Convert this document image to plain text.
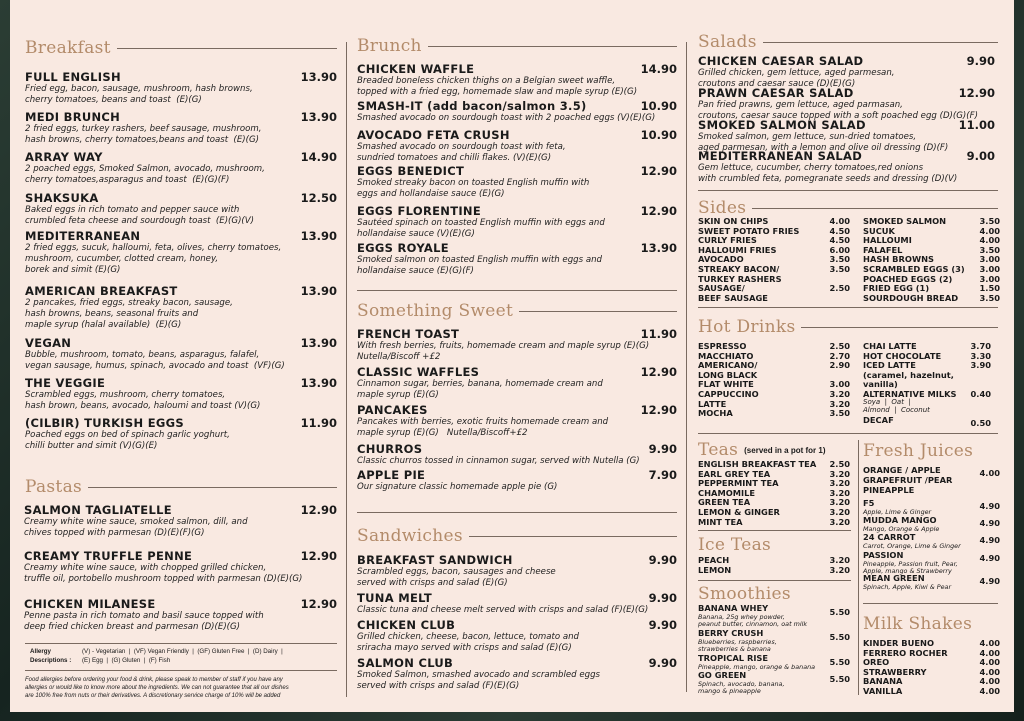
Breakfast
FULL ENGLISH	13.90
Fried egg, bacon, sausage, mushroom, hash browns,
cherry tomatoes, beans and toast  (E)(G)
MEDI BRUNCH	13.90
2 fried eggs, turkey rashers, beef sausage, mushroom,
hash browns, cherry tomatoes,beans and toast  (E)(G)
ARRAY WAY	14.90
2 poached eggs, Smoked Salmon, avocado, mushroom,
cherry tomatoes,asparagus and toast  (E)(G)(F)
SHAKSUKA	12.50
Baked eggs in rich tomato and pepper sauce with
crumbled feta cheese and sourdough toast  (E)(G)(V)
MEDITERRANEAN	13.90
2 fried eggs, sucuk, halloumi, feta, olives, cherry tomatoes,
mushroom, cucumber, clotted cream, honey,
borek and simit (E)(G)
AMERICAN BREAKFAST	13.90
2 pancakes, fried eggs, streaky bacon, sausage,
hash browns, beans, seasonal fruits and
maple syrup (halal available)  (E)(G)
VEGAN	13.90
Bubble, mushroom, tomato, beans, asparagus, falafel,
vegan sausage, humus, spinach, avocado and toast  (VF)(G)
THE VEGGIE	13.90
Scrambled eggs, mushroom, cherry tomatoes,
hash brown, beans, avocado, haloumi and toast (V)(G)
(CILBIR) TURKISH EGGS	11.90
Poached eggs on bed of spinach garlic yoghurt,
chilli butter and simit (V)(G)(E)
Pastas
SALMON TAGLIATELLE	12.90
Creamy white wine sauce, smoked salmon, dill, and
chives topped with parmesan (D)(E)(F)(G)
CREAMY TRUFFLE PENNE	12.90
Creamy white wine sauce, with chopped grilled chicken,
truffle oil, portobello mushroom topped with parmesan (D)(E)(G)
CHICKEN MILANESE	12.90
Penne pasta in rich tomato and basil sauce topped with
deep fried chicken breast and parmesan (D)(E)(G)
Allergy
Descriptions :
(V) - Vegetarian  |  (VF) Vegan Friendly  |  (GF) Gluten Free  |  (D) Dairy  |
(E) Egg  |  (G) Gluten  |  (F) Fish
Food allergies before ordering your food & drink, please speak to member of staff if you have any
allergies or would like to know more about the ingredients. We can not guarantee that all our dishes
are 100% free from nuts or their derivatives. A discretionary service charge of 10% will be added
Brunch
CHICKEN WAFFLE	14.90
Breaded boneless chicken thighs on a Belgian sweet waffle,
topped with a fried egg, homemade slaw and maple syrup (E)(G)
SMASH-IT (add bacon/salmon 3.5)	10.90
Smashed avocado on sourdough toast with 2 poached eggs (V)(E)(G)
AVOCADO FETA CRUSH	10.90
Smashed avocado on sourdough toast with feta,
sundried tomatoes and chilli flakes. (V)(E)(G)
EGGS BENEDICT	12.90
Smoked streaky bacon on toasted English muffin with
eggs and hollandaise sauce (E)(G)
EGGS FLORENTINE	12.90
Sautéed spinach on toasted English muffin with eggs and
hollandaise sauce (V)(E)(G)
EGGS ROYALE	13.90
Smoked salmon on toasted English muffin with eggs and
hollandaise sauce (E)(G)(F)
Something Sweet
FRENCH TOAST	11.90
With fresh berries, fruits, homemade cream and maple syrup (E)(G)
Nutella/Biscoff +£2
CLASSIC WAFFLES	12.90
Cinnamon sugar, berries, banana, homemade cream and
maple syrup (E)(G)
PANCAKES	12.90
Pancakes with berries, exotic fruits homemade cream and
maple syrup (E)(G)   Nutella/Biscoff+£2
CHURROS	9.90
Classic churros tossed in cinnamon sugar, served with Nutella (G)
APPLE PIE	7.90
Our signature classic homemade apple pie (G)
Sandwiches
BREAKFAST SANDWICH	9.90
Scrambled eggs, bacon, sausages and cheese
served with crisps and salad (E)(G)
TUNA MELT	9.90
Classic tuna and cheese melt served with crisps and salad (F)(E)(G)
CHICKEN CLUB	9.90
Grilled chicken, cheese, bacon, lettuce, tomato and
sriracha mayo served with crisps and salad (E)(G)
SALMON CLUB	9.90
Smoked Salmon, smashed avocado and scrambled eggs
served with crisps and salad (F)(E)(G)
Salads
CHICKEN CAESAR SALAD	9.90
Grilled chicken, gem lettuce, aged parmesan,
croutons and caesar sauce (D)(E)(G)
PRAWN CAESAR SALAD	12.90
Pan fried prawns, gem lettuce, aged parmasan,
croutons, caesar sauce topped with a soft poached egg (D)(G)(F)
SMOKED SALMON SALAD	11.00
Smoked salmon, gem lettuce, sun-dried tomatoes,
aged parmesan, with a lemon and olive oil dressing (D)(F)
MEDITERRANEAN SALAD	9.00
Gem lettuce, cucumber, cherry tomatoes,red onions
with crumbled feta, pomegranate seeds and dressing (D)(V)
Sides
SKIN ON CHIPS	4.00
SWEET POTATO FRIES	4.50
CURLY FRIES	4.50
HALLOUMI FRIES	6.00
AVOCADO	3.50
STREAKY BACON/
TURKEY RASHERS
3.50
SAUSAGE/
BEEF SAUSAGE
2.50
SMOKED SALMON	3.50
SUCUK	4.00
HALLOUMI	4.00
FALAFEL	3.50
HASH BROWNS	3.00
SCRAMBLED EGGS (3) 3.00
POACHED EGGS (2)	3.00
FRIED EGG (1)	1.50
SOURDOUGH BREAD	3.50
Hot Drinks
ESPRESSO	2.50
MACCHIATO	2.70
AMERICANO/
LONG BLACK
2.90
FLAT WHITE	3.00
CAPPUCCINO	3.20
LATTE	3.20
MOCHA	3.50
CHAI LATTE	3.70
HOT CHOCOLATE	3.30
ICED LATTE
(caramel, hazelnut,
vanilla)
3.90
ALTERNATIVE MILKS 0.40
Soya  |  Oat  |
Almond  |  Coconut
DECAF	0.50
Teas (served in a pot for 1)
ENGLISH BREAKFAST TEA 2.50
EARL GREY TEA	3.20
PEPPERMINT TEA	3.20
CHAMOMILE	3.20
GREEN TEA	3.20
LEMON & GINGER	3.20
MINT TEA	3.20
Ice Teas
PEACH	3.20
LEMON	3.20
Smoothies
BANANA WHEY	5.50
Banana, 25g whey powder,
peanut butter, cinnamon, oat milk
BERRY CRUSH	5.50
Blueberries, raspberries,
strawberries & banana
TROPICAL RISE	5.50
Pineapple, mango, orange & banana
GO GREEN	5.50
Spinach, avocado, banana,
mango & pineapple
Fresh Juices
ORANGE / APPLE
GRAPEFRUIT /PEAR
PINEAPPLE
4.00
F5	4.90
Apple, Lime & Ginger
MUDDA MANGO	4.90
Mango, Orange & Apple
24 CARROT	4.90
Carrot, Orange, Lime & Ginger
PASSION	4.90
Pineapple, Passion fruit, Pear,
Apple, mango & Strawberry
MEAN GREEN	4.90
Spinach, Apple, Kiwi & Pear
Milk Shakes
KINDER BUENO	4.00
FERRERO ROCHER	4.00
OREO	4.00
STRAWBERRY	4.00
BANANA	4.00
VANILLA	4.00
